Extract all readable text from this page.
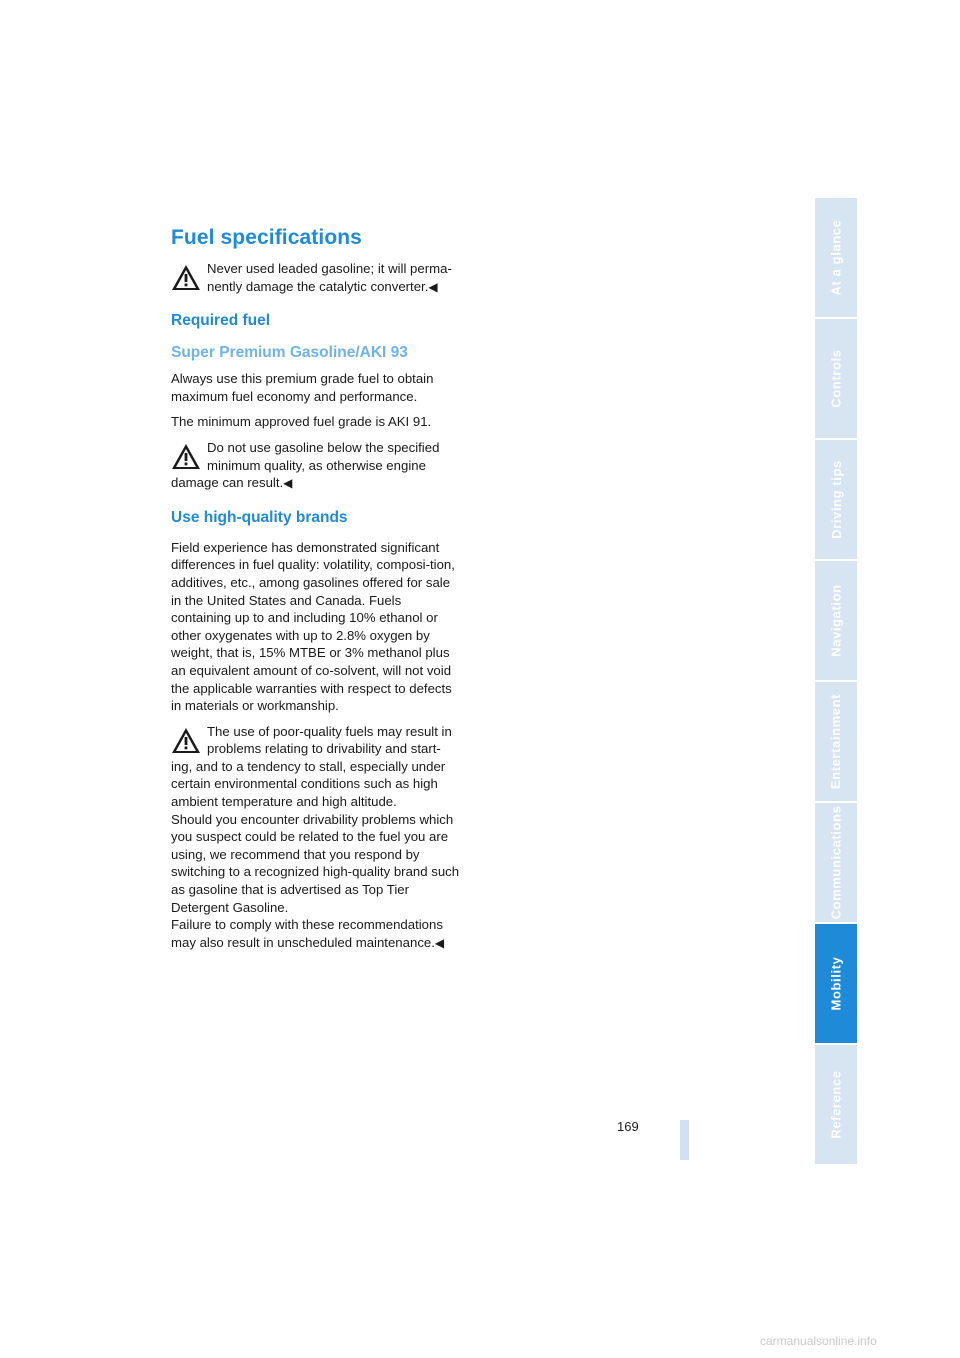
Fuel specifications

Never used leaded gasoline; it will perma-
nently damage the catalytic converter.◀

Required fuel
Super Premium Gasoline/AKI 93

Always use this premium grade fuel to obtain maximum fuel economy and performance.

The minimum approved fuel grade is AKI 91.

Do not use gasoline below the specified
minimum quality, as otherwise engine
damage can result.◀

Use high-quality brands

Field experience has demonstrated significant differences in fuel quality: volatility, composi-tion, additives, etc., among gasolines offered for sale in the United States and Canada. Fuels containing up to and including 10% ethanol or other oxygenates with up to 2.8% oxygen by weight, that is, 15% MTBE or 3% methanol plus an equivalent amount of co-solvent, will not void the applicable warranties with respect to defects in materials or workmanship.

The use of poor-quality fuels may result in
problems relating to drivability and start-
ing, and to a tendency to stall, especially under certain environmental conditions such as high ambient temperature and high altitude.

Should you encounter drivability problems which you suspect could be related to the fuel you are using, we recommend that you respond by switching to a recognized high-quality brand such as gasoline that is advertised as Top Tier Detergent Gasoline.

Failure to comply with these recommendations may also result in unscheduled maintenance.◀

At a glance
Controls
Driving tips
Navigation
Entertainment
Communications
Mobility
Reference
169
carmanualsonline.info
